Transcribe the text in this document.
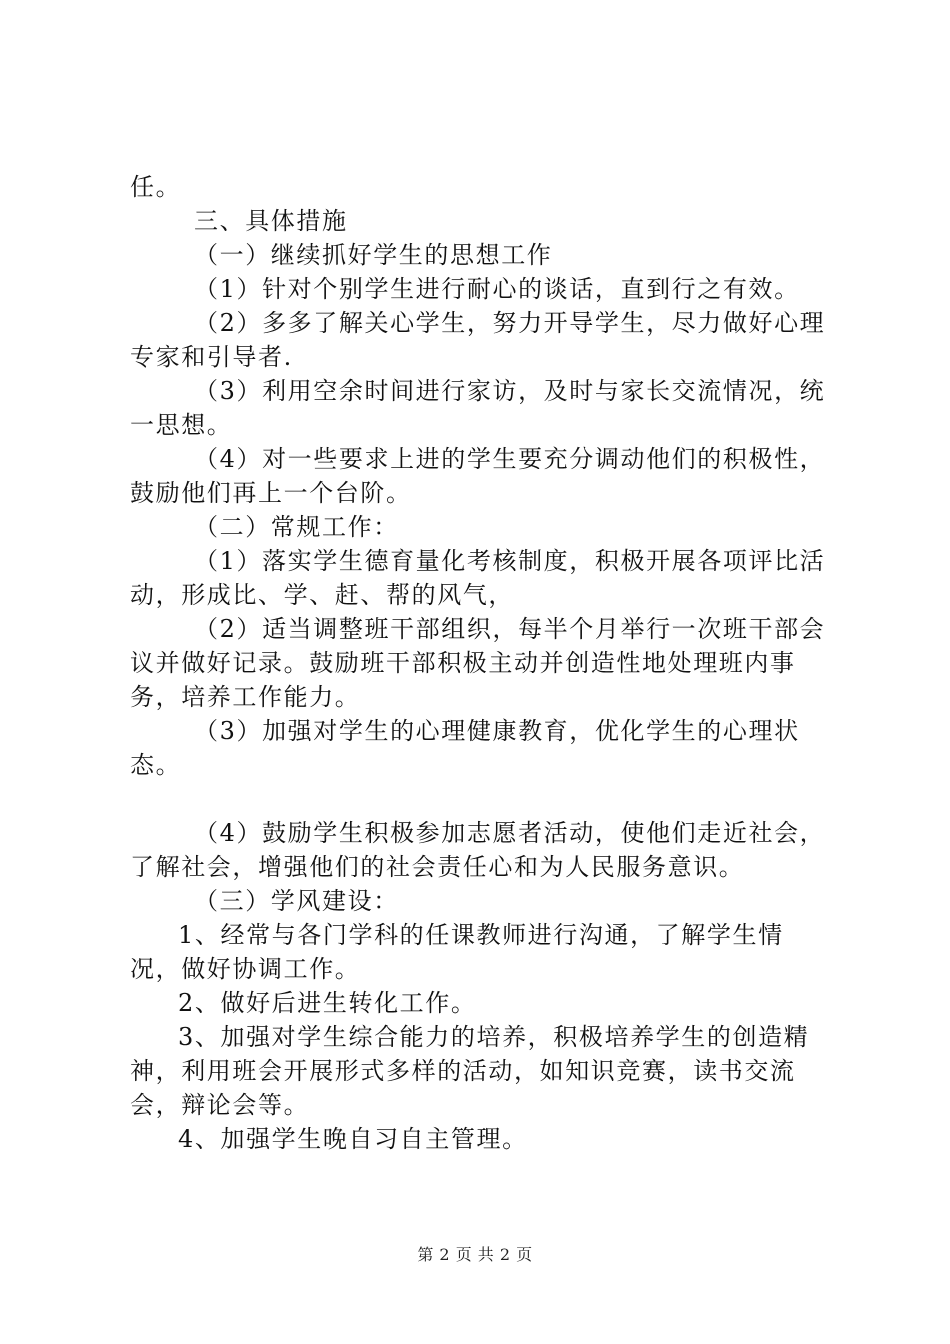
任。

三、具体措施

（一）继续抓好学生的思想工作

（1）针对个别学生进行耐心的谈话，直到行之有效。

（2）多多了解关心学生，努力开导学生，尽力做好心理专家和引导者.

（3）利用空余时间进行家访，及时与家长交流情况，统一思想。

（4）对一些要求上进的学生要充分调动他们的积极性，鼓励他们再上一个台阶。

（二）常规工作：

（1）落实学生德育量化考核制度，积极开展各项评比活动，形成比、学、赶、帮的风气，

（2）适当调整班干部组织，每半个月举行一次班干部会议并做好记录。鼓励班干部积极主动并创造性地处理班内事务，培养工作能力。

（3）加强对学生的心理健康教育，优化学生的心理状态。

（4）鼓励学生积极参加志愿者活动，使他们走近社会，了解社会，增强他们的社会责任心和为人民服务意识。

（三）学风建设：

1、经常与各门学科的任课教师进行沟通，了解学生情况，做好协调工作。

2、做好后进生转化工作。

3、加强对学生综合能力的培养，积极培养学生的创造精神，利用班会开展形式多样的活动，如知识竞赛，读书交流会，辩论会等。

4、加强学生晚自习自主管理。

第 2 页 共 2 页
